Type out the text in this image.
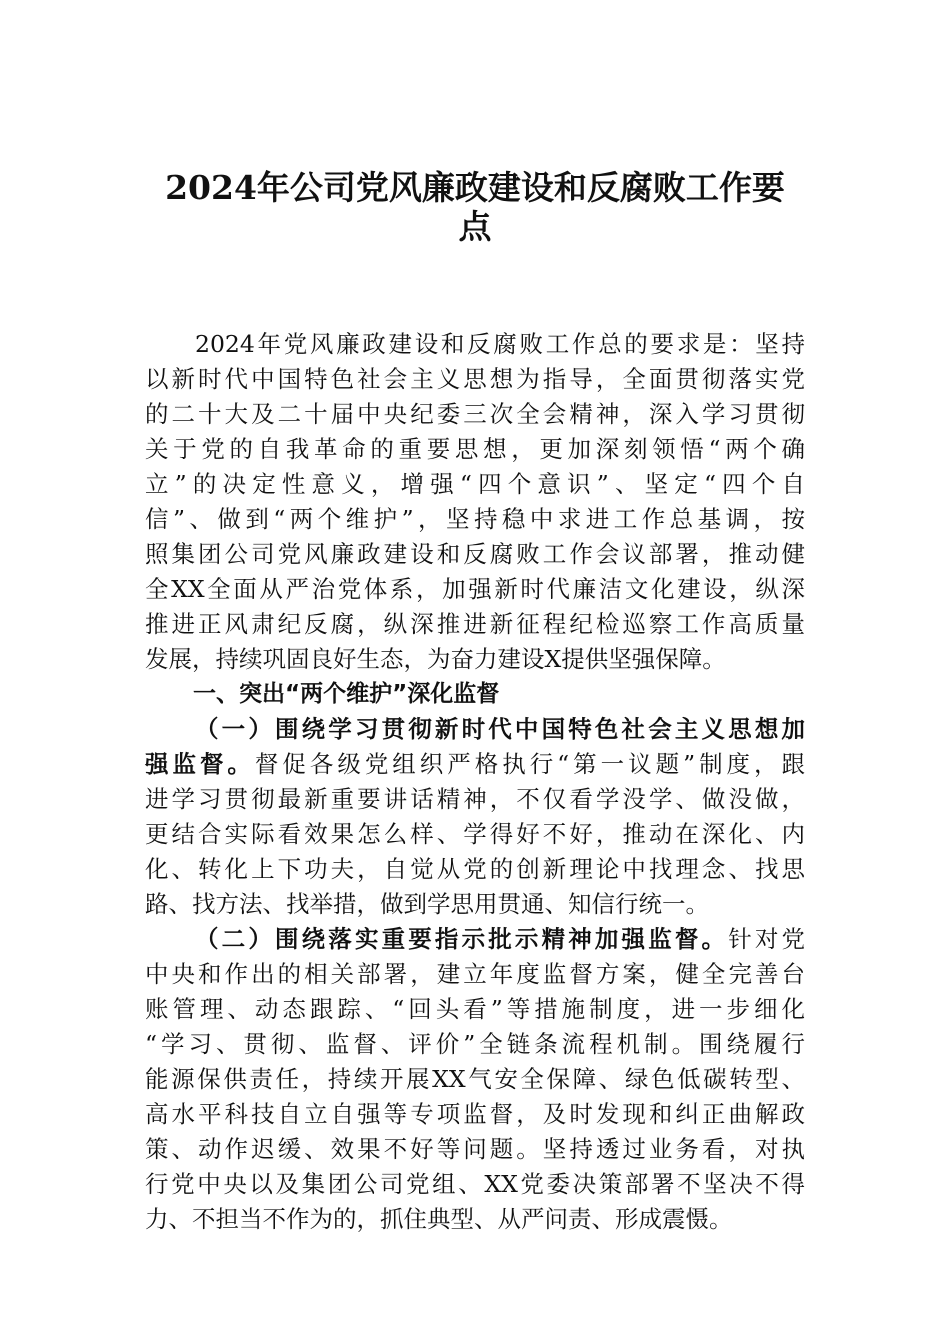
2024年公司党风廉政建设和反腐败工作要
点
2024年党风廉政建设和反腐败工作总的要求是：坚持
以新时代中国特色社会主义思想为指导，全面贯彻落实党
的二十大及二十届中央纪委三次全会精神，深入学习贯彻
关于党的自我革命的重要思想，更加深刻领悟“两个确
立”的决定性意义，增强“四个意识”、坚定“四个自
信”、做到“两个维护”，坚持稳中求进工作总基调，按
照集团公司党风廉政建设和反腐败工作会议部署，推动健
全XX全面从严治党体系，加强新时代廉洁文化建设，纵深
推进正风肃纪反腐，纵深推进新征程纪检巡察工作高质量
发展，持续巩固良好生态，为奋力建设X提供坚强保障。
一、突出“两个维护”深化监督
（一）围绕学习贯彻新时代中国特色社会主义思想加
强监督。督促各级党组织严格执行“第一议题”制度，跟
进学习贯彻最新重要讲话精神，不仅看学没学、做没做，
更结合实际看效果怎么样、学得好不好，推动在深化、内
化、转化上下功夫，自觉从党的创新理论中找理念、找思
路、找方法、找举措，做到学思用贯通、知信行统一。
（二）围绕落实重要指示批示精神加强监督。针对党
中央和作出的相关部署，建立年度监督方案，健全完善台
账管理、动态跟踪、“回头看”等措施制度，进一步细化
“学习、贯彻、监督、评价”全链条流程机制。围绕履行
能源保供责任，持续开展XX气安全保障、绿色低碳转型、
高水平科技自立自强等专项监督，及时发现和纠正曲解政
策、动作迟缓、效果不好等问题。坚持透过业务看，对执
行党中央以及集团公司党组、XX党委决策部署不坚决不得
力、不担当不作为的，抓住典型、从严问责、形成震慑。
